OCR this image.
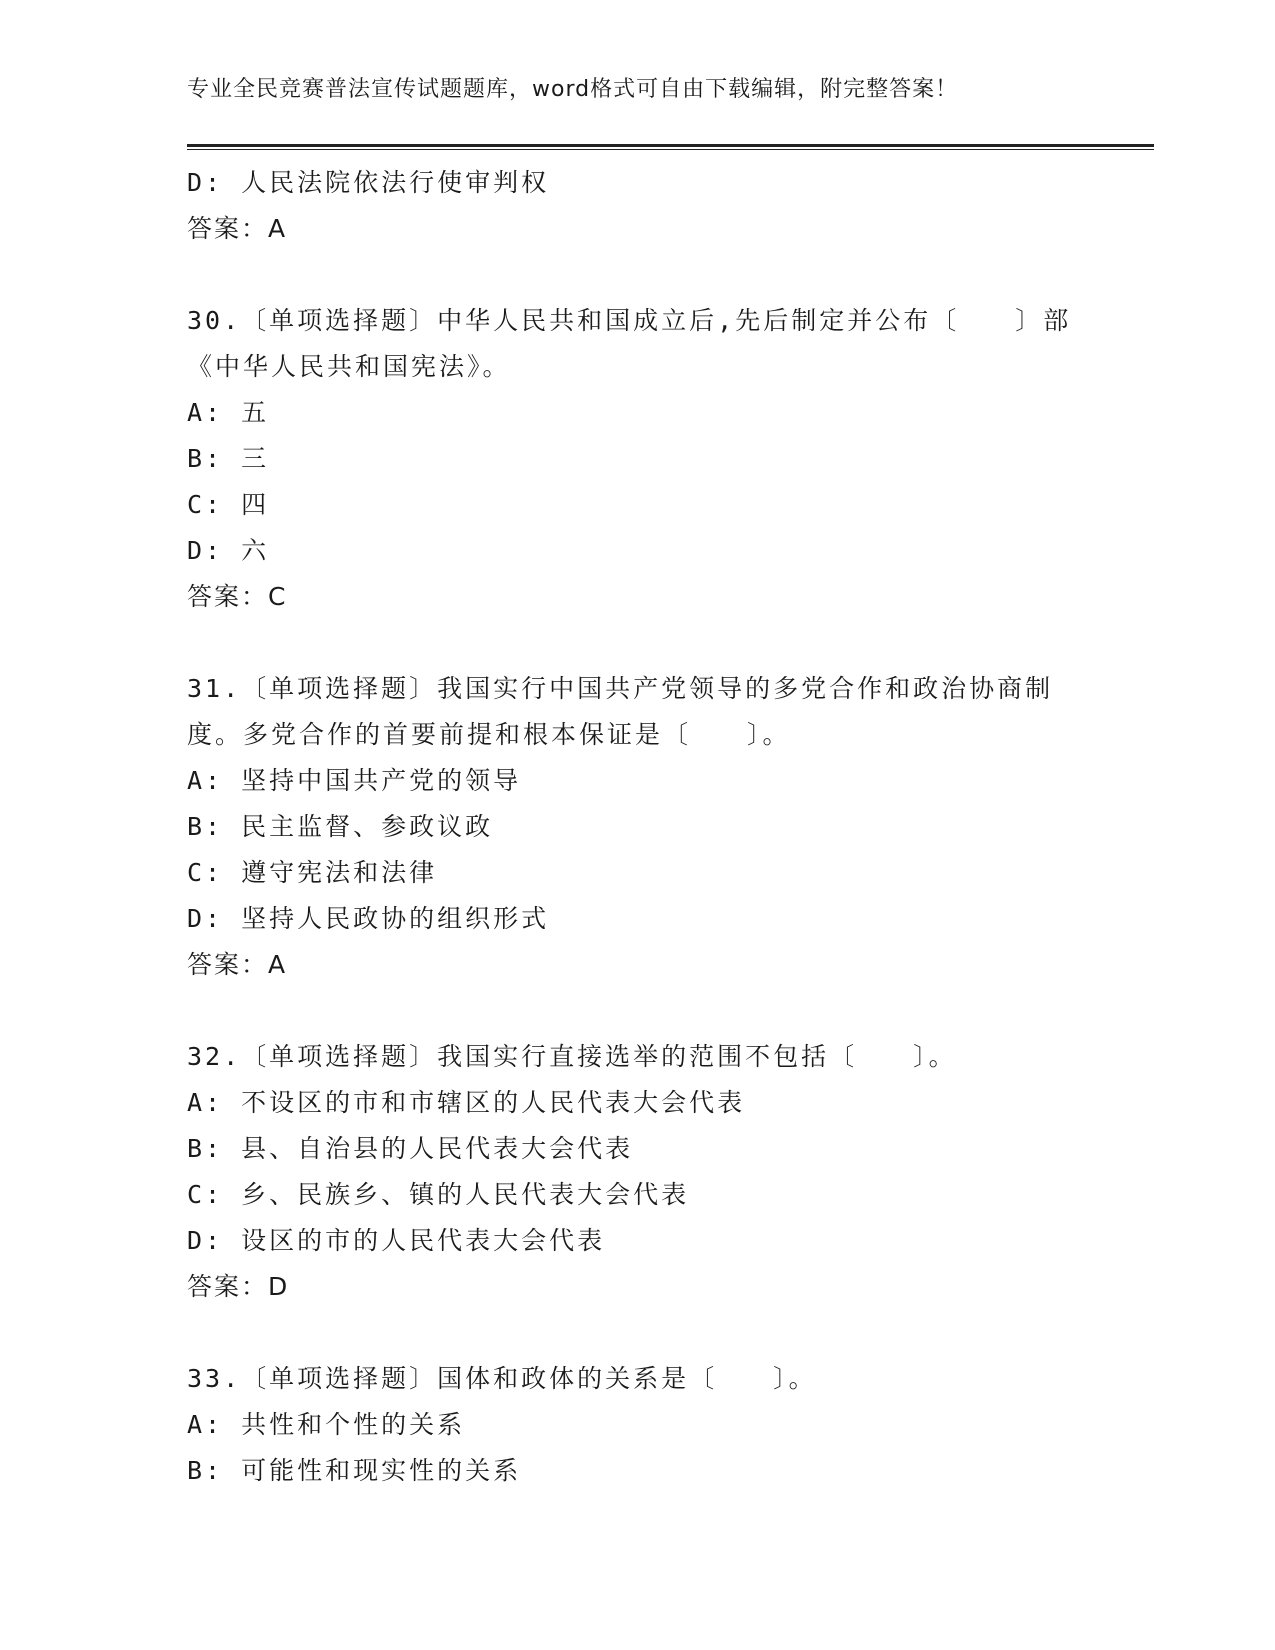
专业全民竞赛普法宣传试题题库，word格式可自由下载编辑，附完整答案！
D: 人民法院依法行使审判权
答案：A
30.〔单项选择题〕中华人民共和国成立后,先后制定并公布〔　　〕部
《中华人民共和国宪法》。
A: 五
B: 三
C: 四
D: 六
答案：C
31.〔单项选择题〕我国实行中国共产党领导的多党合作和政治协商制
度。多党合作的首要前提和根本保证是〔　　〕。
A: 坚持中国共产党的领导
B: 民主监督、参政议政
C: 遵守宪法和法律
D: 坚持人民政协的组织形式
答案：A
32.〔单项选择题〕我国实行直接选举的范围不包括〔　　〕。
A: 不设区的市和市辖区的人民代表大会代表
B: 县、自治县的人民代表大会代表
C: 乡、民族乡、镇的人民代表大会代表
D: 设区的市的人民代表大会代表
答案：D
33.〔单项选择题〕国体和政体的关系是〔　　〕。
A: 共性和个性的关系
B: 可能性和现实性的关系
